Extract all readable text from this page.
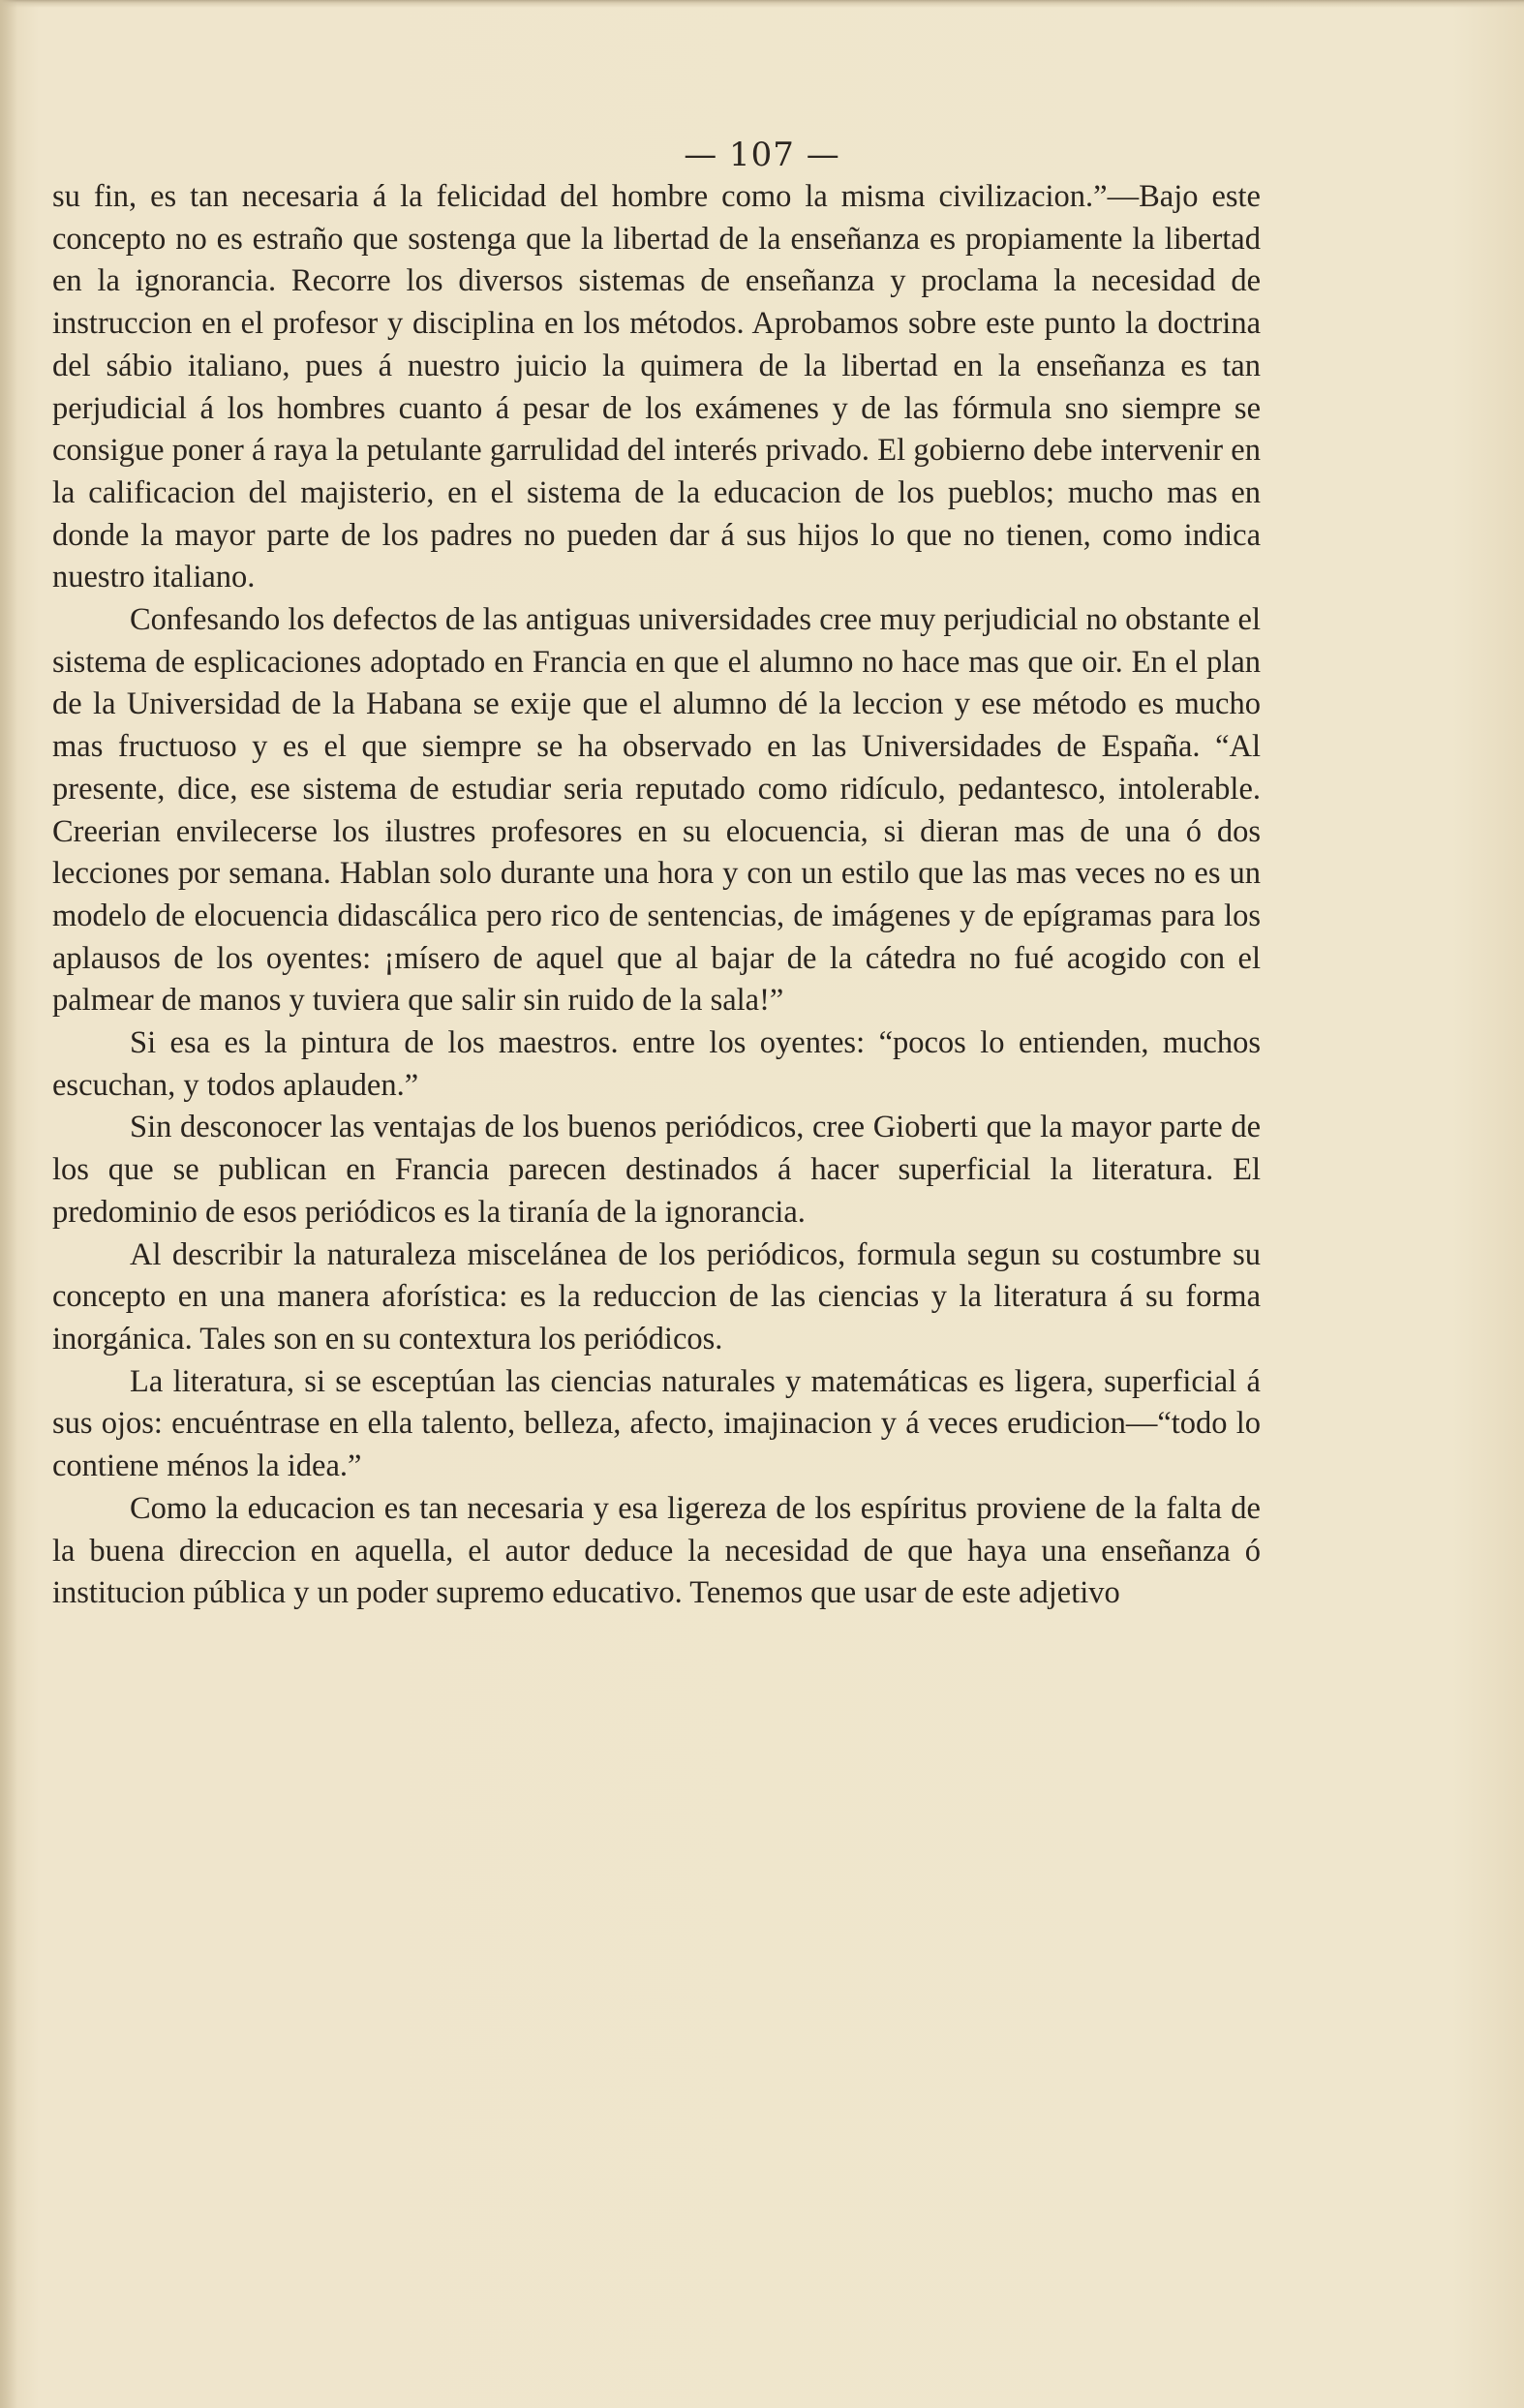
— 107 —

su fin, es tan necesaria á la felicidad del hombre como la misma civilizacion.”—Bajo este concepto no es estraño que sostenga que la libertad de la enseñanza es propiamente la libertad en la ignorancia. Recorre los diversos sistemas de enseñanza y proclama la necesidad de instruccion en el profesor y disciplina en los métodos. Aprobamos sobre este punto la doctrina del sábio italiano, pues á nuestro juicio la quimera de la libertad en la enseñanza es tan perjudicial á los hombres cuanto á pesar de los exámenes y de las fórmula sno siempre se consigue poner á raya la petulante garrulidad del interés privado. El gobierno debe intervenir en la calificacion del majisterio, en el sistema de la educacion de los pueblos; mucho mas en donde la mayor parte de los padres no pueden dar á sus hijos lo que no tienen, como indica nuestro italiano.

Confesando los defectos de las antiguas universidades cree muy perjudicial no obstante el sistema de esplicaciones adoptado en Francia en que el alumno no hace mas que oir. En el plan de la Universidad de la Habana se exije que el alumno dé la leccion y ese método es mucho mas fructuoso y es el que siempre se ha observado en las Universidades de España. “Al presente, dice, ese sistema de estudiar seria reputado como ridículo, pedantesco, intolerable. Creerian envilecerse los ilustres profesores en su elocuencia, si dieran mas de una ó dos lecciones por semana. Hablan solo durante una hora y con un estilo que las mas veces no es un modelo de elocuencia didascálica pero rico de sentencias, de imágenes y de epígramas para los aplausos de los oyentes: ¡mísero de aquel que al bajar de la cátedra no fué acogido con el palmear de manos y tuviera que salir sin ruido de la sala!”

Si esa es la pintura de los maestros. entre los oyentes: “pocos lo entienden, muchos escuchan, y todos aplauden.”

Sin desconocer las ventajas de los buenos periódicos, cree Gioberti que la mayor parte de los que se publican en Francia parecen destinados á hacer superficial la literatura. El predominio de esos periódicos es la tiranía de la ignorancia.

Al describir la naturaleza miscelánea de los periódicos, formula segun su costumbre su concepto en una manera aforística: es la reduccion de las ciencias y la literatura á su forma inorgánica. Tales son en su contextura los periódicos.

La literatura, si se esceptúan las ciencias naturales y matemáticas es ligera, superficial á sus ojos: encuéntrase en ella talento, belleza, afecto, imajinacion y á veces erudicion—“todo lo contiene ménos la idea.”

Como la educacion es tan necesaria y esa ligereza de los espíritus proviene de la falta de la buena direccion en aquella, el autor deduce la necesidad de que haya una enseñanza ó institucion pública y un poder supremo educativo. Tenemos que usar de este adjetivo
